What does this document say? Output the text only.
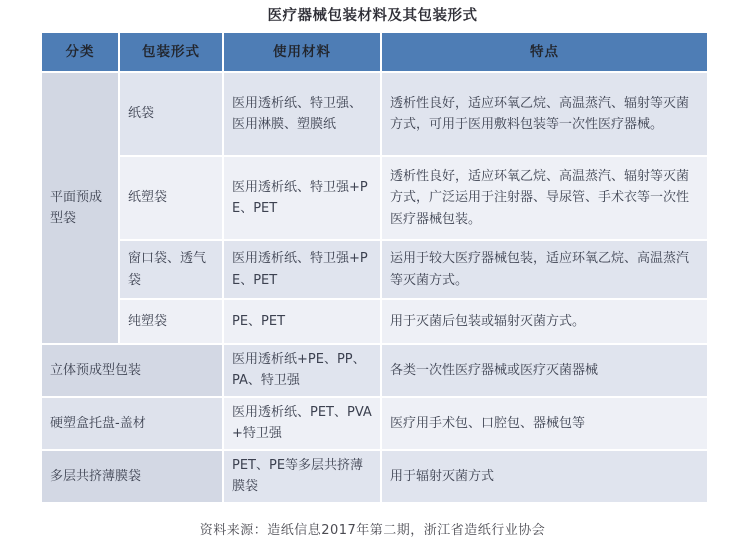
医疗器械包装材料及其包装形式
分类	包装形式	使用材料	特点
平面预成型袋	纸袋	医用透析纸、特卫强、医用淋膜、塑膜纸	透析性良好，适应环氧乙烷、高温蒸汽、辐射等灭菌方式，可用于医用敷料包装等一次性医疗器械。
	纸塑袋	医用透析纸、特卫强+PE、PET	透析性良好，适应环氧乙烷、高温蒸汽、辐射等灭菌方式，广泛运用于注射器、导尿管、手术衣等一次性医疗器械包装。
	窗口袋、透气袋	医用透析纸、特卫强+PE、PET	运用于较大医疗器械包装，适应环氧乙烷、高温蒸汽等灭菌方式。
	纯塑袋	PE、PET	用于灭菌后包装或辐射灭菌方式。
立体预成型包装		医用透析纸+PE、PP、PA、特卫强	各类一次性医疗器械或医疗灭菌器械
硬塑盒托盘-盖材		医用透析纸、PET、PVA+特卫强	医疗用手术包、口腔包、器械包等
多层共挤薄膜袋		PET、PE等多层共挤薄膜袋	用于辐射灭菌方式
资料来源：造纸信息2017年第二期，浙江省造纸行业协会
